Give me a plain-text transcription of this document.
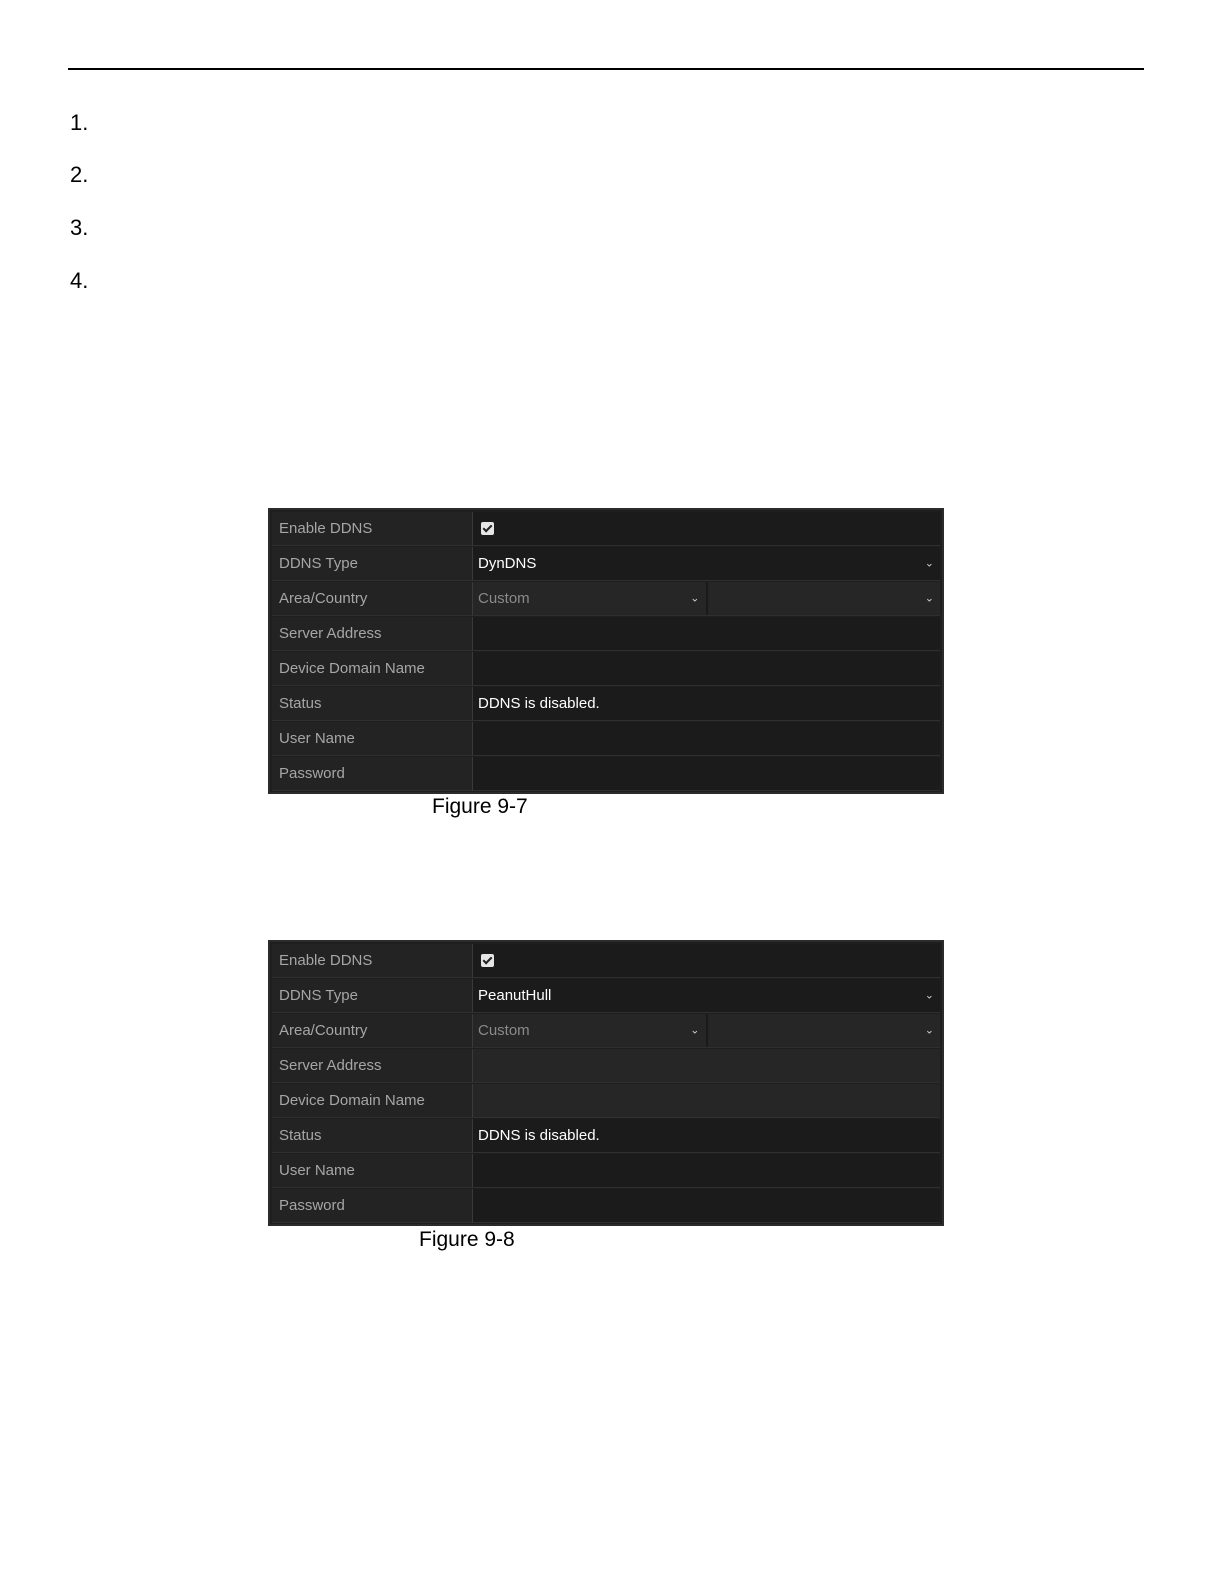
1.
2.
3.
4.
Enable DDNS
DDNS Type	DynDNS	⌄
Area/Country	Custom	⌄	⌄
Server Address
Device Domain Name
Status	DDNS is disabled.
User Name
Password
Figure 9-7
Enable DDNS
DDNS Type	PeanutHull	⌄
Area/Country	Custom	⌄	⌄
Server Address
Device Domain Name
Status	DDNS is disabled.
User Name
Password
Figure 9-8
